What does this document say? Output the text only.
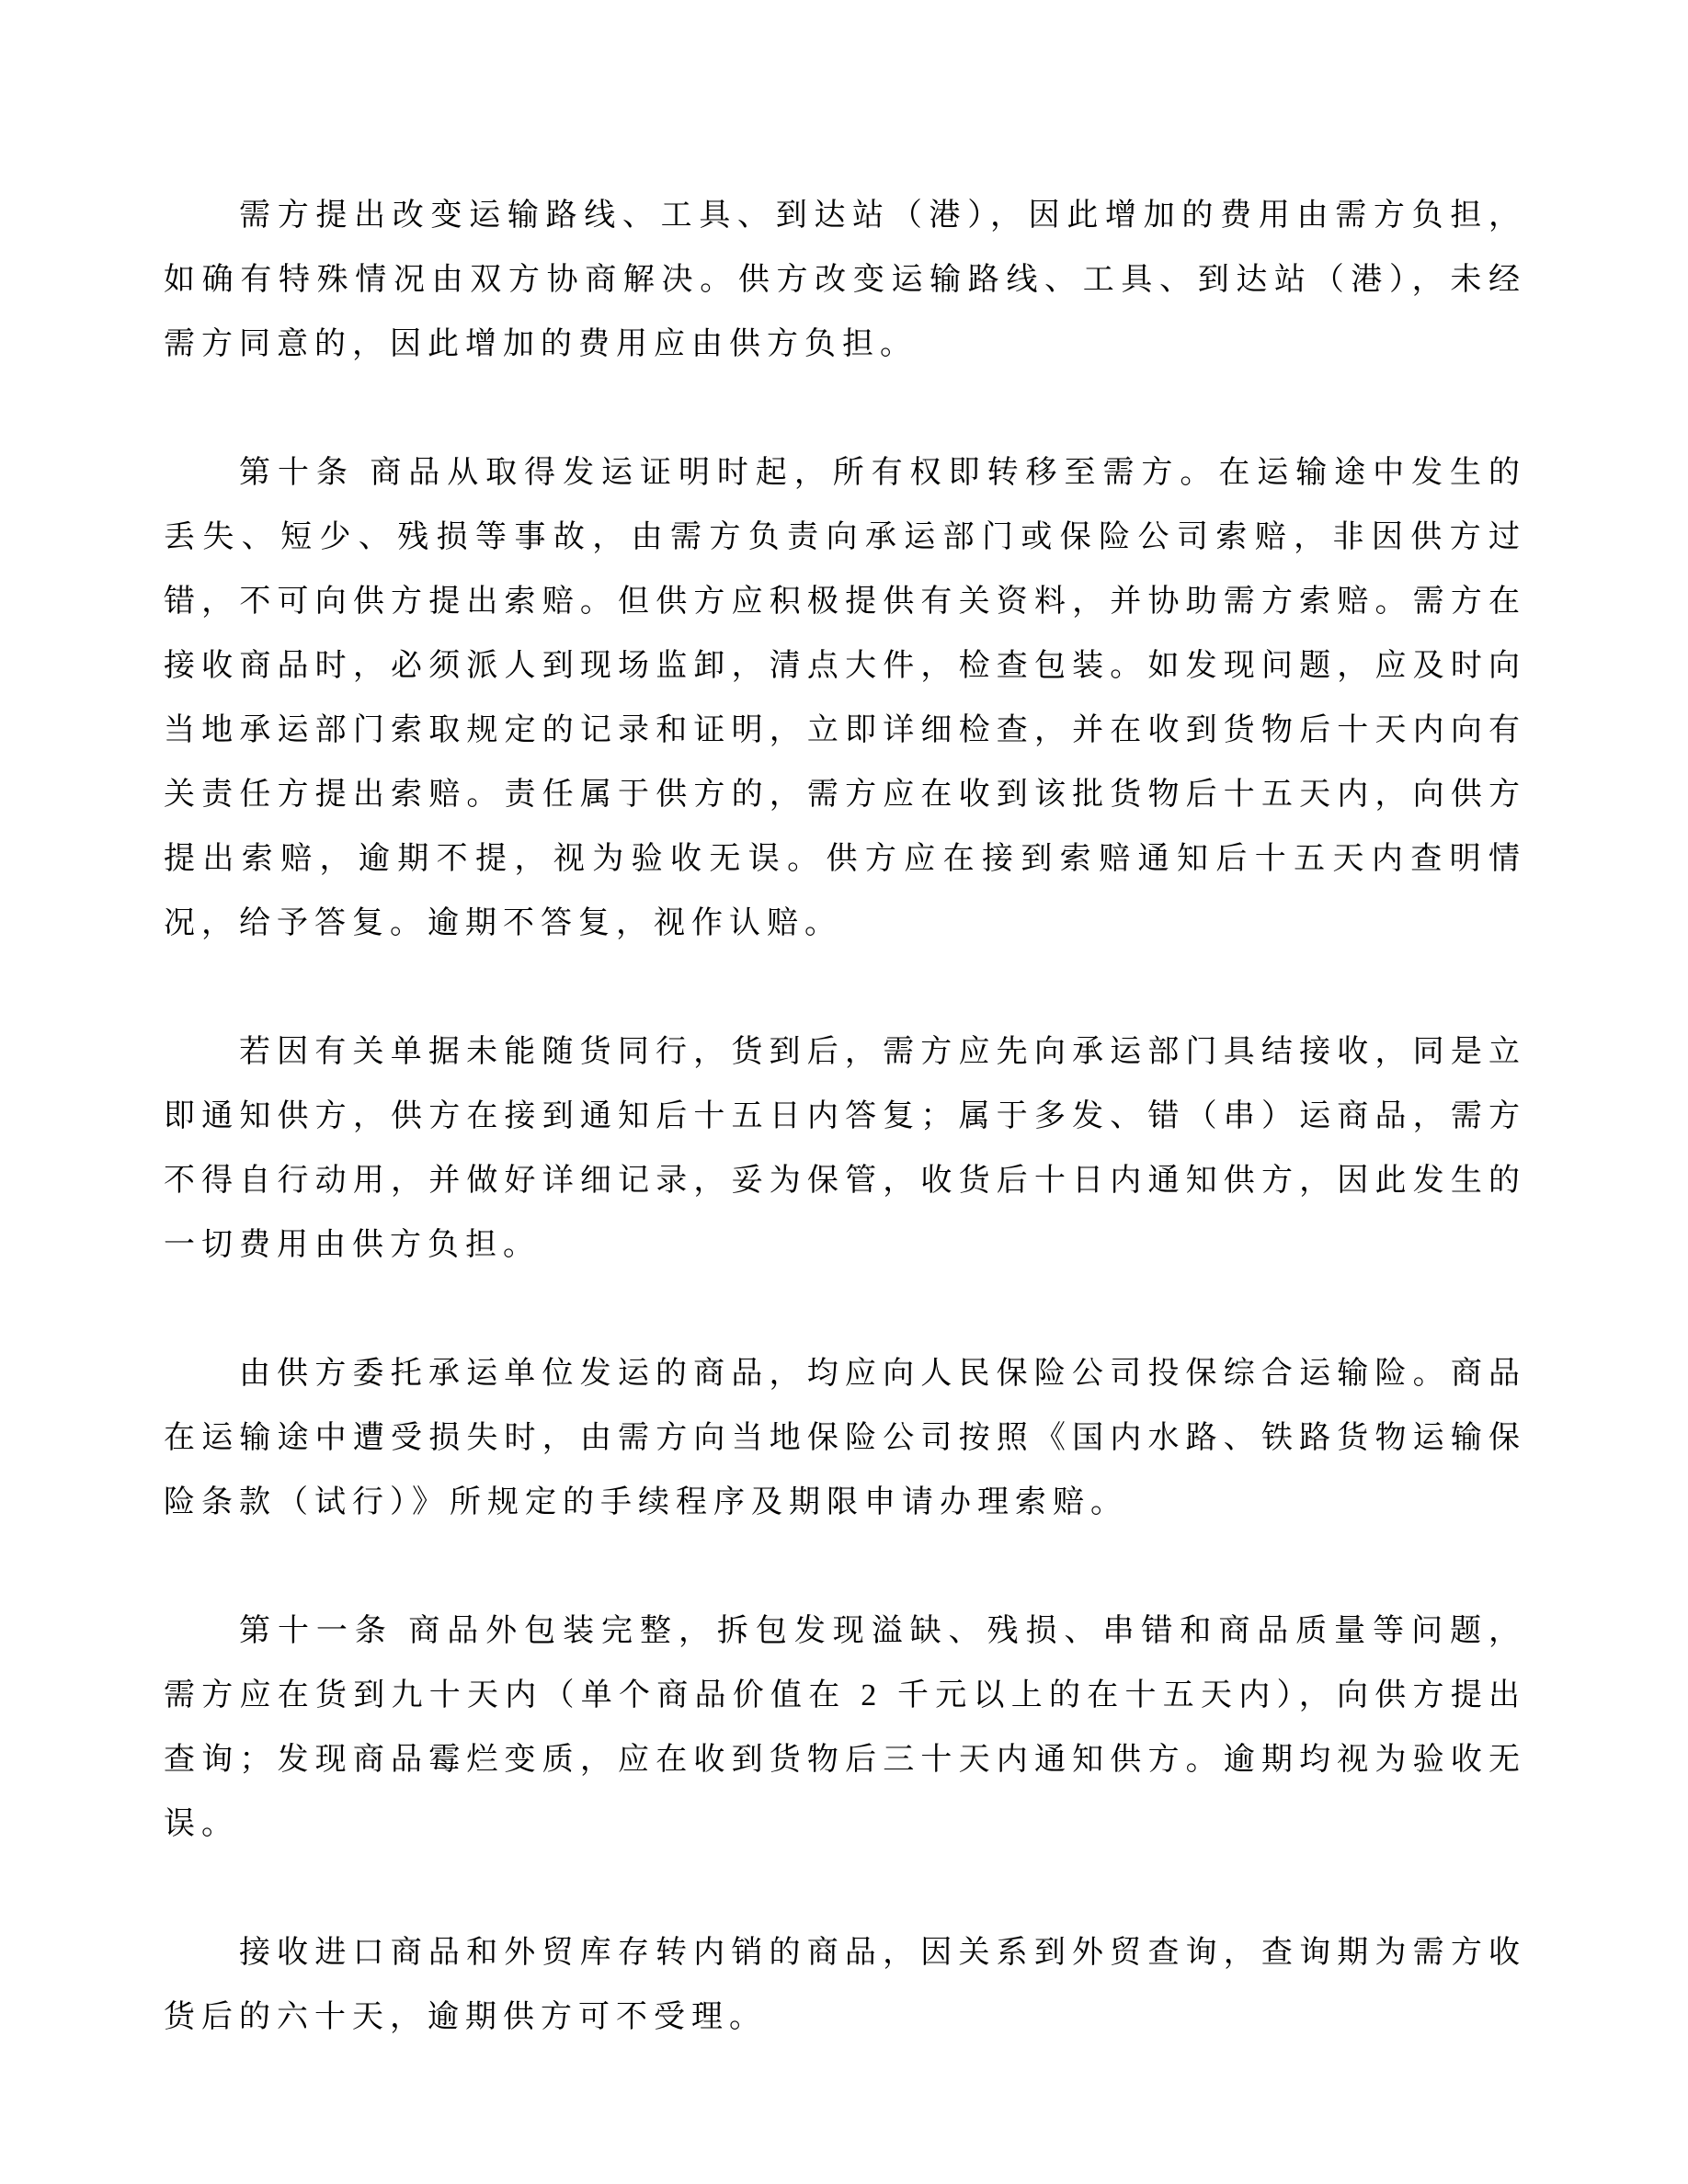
需方提出改变运输路线、工具、到达站（港），因此增加的费用由需方负担，如确有特殊情况由双方协商解决。供方改变运输路线、工具、到达站（港），未经需方同意的，因此增加的费用应由供方负担。

第十条 商品从取得发运证明时起，所有权即转移至需方。在运输途中发生的丢失、短少、残损等事故，由需方负责向承运部门或保险公司索赔，非因供方过错，不可向供方提出索赔。但供方应积极提供有关资料，并协助需方索赔。需方在接收商品时，必须派人到现场监卸，清点大件，检查包装。如发现问题，应及时向当地承运部门索取规定的记录和证明，立即详细检查，并在收到货物后十天内向有关责任方提出索赔。责任属于供方的，需方应在收到该批货物后十五天内，向供方提出索赔，逾期不提，视为验收无误。供方应在接到索赔通知后十五天内查明情况，给予答复。逾期不答复，视作认赔。

若因有关单据未能随货同行，货到后，需方应先向承运部门具结接收，同是立即通知供方，供方在接到通知后十五日内答复；属于多发、错（串）运商品，需方不得自行动用，并做好详细记录，妥为保管，收货后十日内通知供方，因此发生的一切费用由供方负担。

由供方委托承运单位发运的商品，均应向人民保险公司投保综合运输险。商品在运输途中遭受损失时，由需方向当地保险公司按照《国内水路、铁路货物运输保险条款（试行）》所规定的手续程序及期限申请办理索赔。

第十一条 商品外包装完整，拆包发现溢缺、残损、串错和商品质量等问题，需方应在货到九十天内（单个商品价值在 2 千元以上的在十五天内），向供方提出查询；发现商品霉烂变质，应在收到货物后三十天内通知供方。逾期均视为验收无误。

接收进口商品和外贸库存转内销的商品，因关系到外贸查询，查询期为需方收货后的六十天，逾期供方可不受理。
